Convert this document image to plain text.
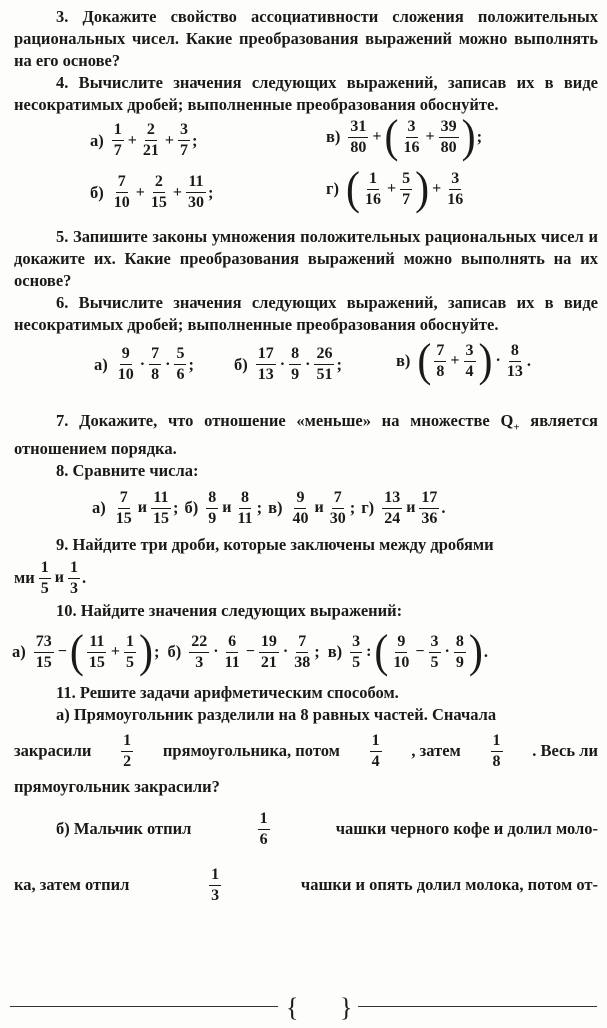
3. Докажите свойство ассоциативности сложения положительных рациональных чисел. Какие преобразования выражений можно выполнять на его основе?

4. Вычислите значения следующих выражений, записав их в виде несократимых дробей; выполненные преобразования обоснуйте.

а)
1
7
+ $\frac{2}{21} + \frac{3}{7}$ ;	в)
31
80
+ ( 3
16
+ $\frac{39}{80}$ ) ;
б)
7
10
+ $\frac{2}{15} + \frac{11}{30}$ ;	г) ( 1
16
+ $\frac{5}{7}$ ) + $\frac{3}{16}$

5. Запишите законы умножения положительных рациональных чисел и докажите их. Какие преобразования выражений можно выполнять на их основе?

6. Вычислите значения следующих выражений, записав их в виде несократимых дробей; выполненные преобразования обоснуйте.

а)
9
10
·
7
8
·
5
6
; б)
17
13
·
8
9
·
26
51
;	в) ( 7
8
+ $\frac{3}{4}$ ) ·
8
13
.

7. Докажите, что отношение «меньше» на множестве $Q_+$ является отношением порядка.

8. Сравните числа:

а)
7
15
и
11
15
; б)
8
9
и
8
11
; в)
9
40
и
7
30
; г)
13
24
и
17
36
.

9. Найдите три дроби, которые заключены между дробями

ми
1
5
и
1
3
.

10. Найдите значения следующих выражений:

а)
73
15
− ( 11
15
+ $\frac{1}{5}$ ) ; б)
22
3
·
6
11
− $\frac{19}{21}$ ·
7
38
; в)
3
5
: ( 9
10
− $\frac{3}{5}$ ·
8
9 ) .

11. Решите задачи арифметическим способом.

а) Прямоугольник разделили на 8 равных частей. Сначала

закрасили
1
2
прямоугольника, потом
1
4
, затем
1
8
. Весь ли

прямоугольник закрасили?

б) Мальчик отпил
1
6
чашки черного кофе и долил моло-
ка, затем отпил
1
3
чашки и опять долил молока, потом от-
{ }
